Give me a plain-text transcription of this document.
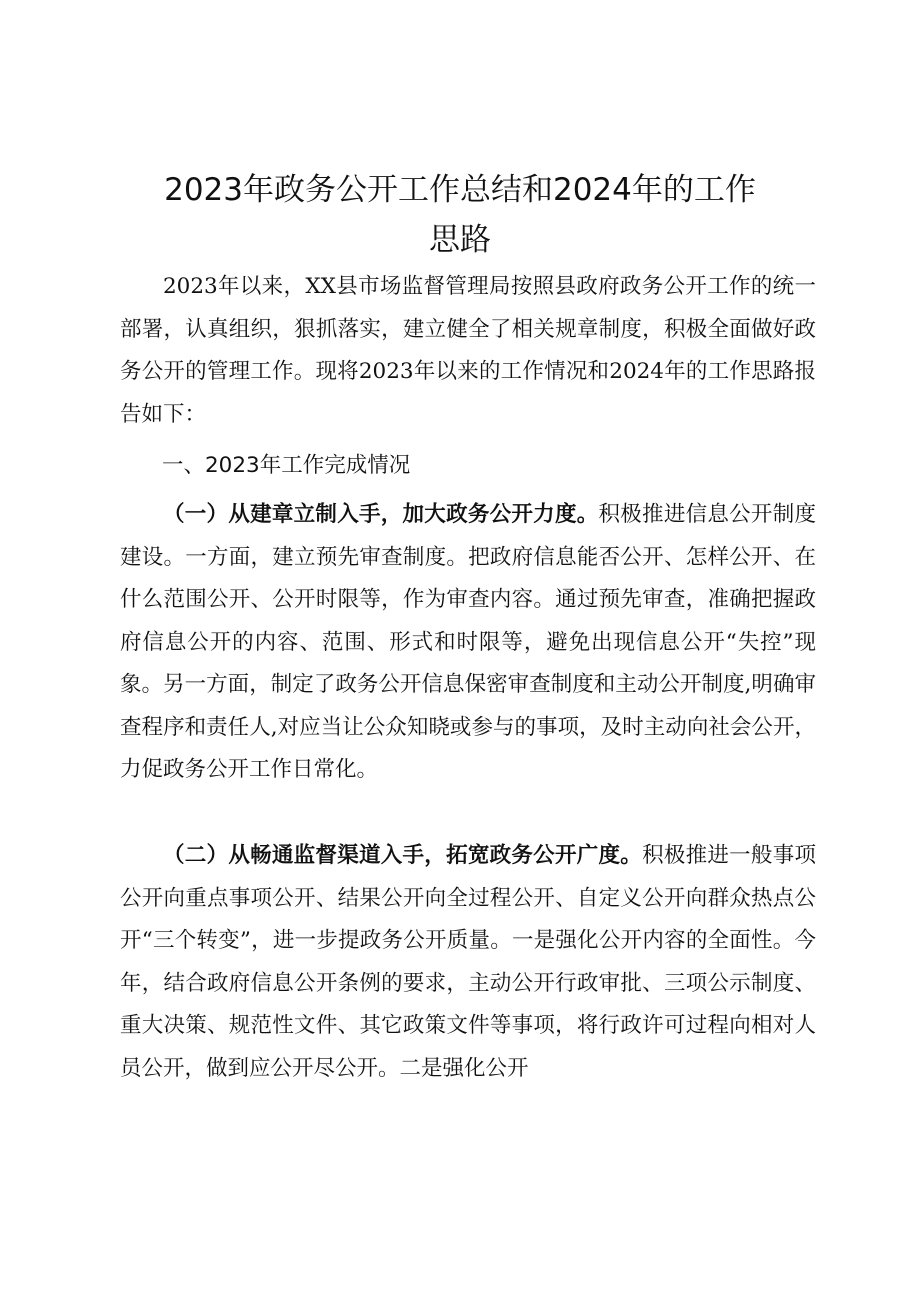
2023年政务公开工作总结和2024年的工作
思路

2023年以来，XX县市场监督管理局按照县政府政务公开工作的统一部署，认真组织，狠抓落实，建立健全了相关规章制度，积极全面做好政务公开的管理工作。现将2023年以来的工作情况和2024年的工作思路报告如下：

一、2023年工作完成情况

（一）从建章立制入手，加大政务公开力度。积极推进信息公开制度建设。一方面，建立预先审查制度。把政府信息能否公开、怎样公开、在什么范围公开、公开时限等，作为审查内容。通过预先审查，准确把握政府信息公开的内容、范围、形式和时限等，避免出现信息公开“失控”现象。另一方面，制定了政务公开信息保密审查制度和主动公开制度,明确审查程序和责任人,对应当让公众知晓或参与的事项，及时主动向社会公开，力促政务公开工作日常化。

（二）从畅通监督渠道入手，拓宽政务公开广度。积极推进一般事项公开向重点事项公开、结果公开向全过程公开、自定义公开向群众热点公开“三个转变”，进一步提政务公开质量。一是强化公开内容的全面性。今年，结合政府信息公开条例的要求，主动公开行政审批、三项公示制度、重大决策、规范性文件、其它政策文件等事项，将行政许可过程向相对人员公开，做到应公开尽公开。二是强化公开
